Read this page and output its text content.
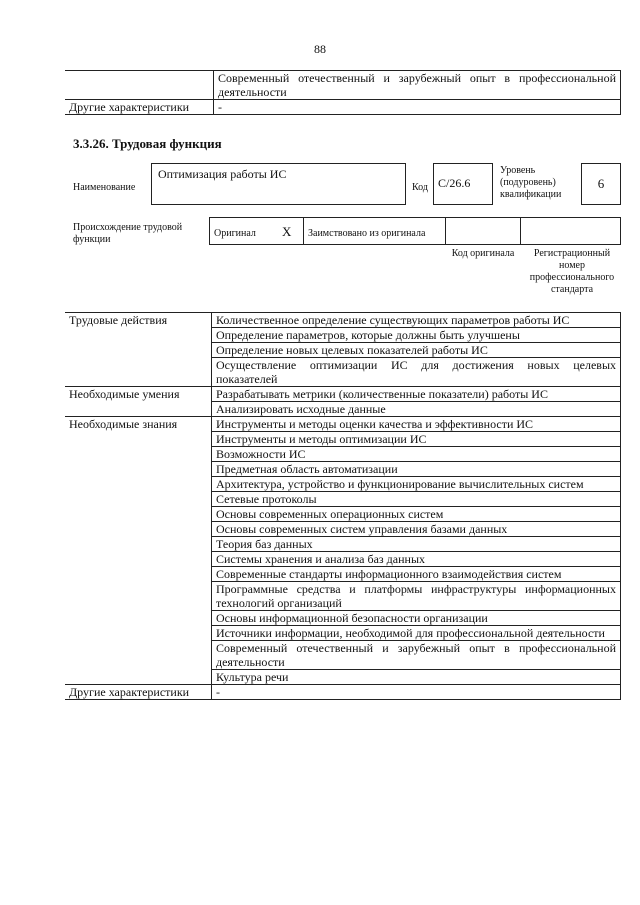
88
	Современный отечественный и зарубежный опыт в профессиональной деятельности
Другие характеристики	-
3.3.26. Трудовая функция
Наименование
Оптимизация работы ИС
Код C/26.6
Уровень (подуровень) квалификации
6
Происхождение трудовой функции
Оригинал X Заимствовано из оригинала
Код оригинала	Регистрационный номер профессионального стандарта
Трудовые действия	Количественное определение существующих параметров работы ИС
	Определение параметров, которые должны быть улучшены
	Определение новых целевых показателей работы ИС
	Осуществление оптимизации ИС для достижения новых целевых показателей
Необходимые умения	Разрабатывать метрики (количественные показатели) работы ИС
	Анализировать исходные данные
Необходимые знания	Инструменты и методы оценки качества и эффективности ИС
	Инструменты и методы оптимизации ИС
	Возможности ИС
	Предметная область автоматизации
	Архитектура, устройство и функционирование вычислительных систем
	Сетевые протоколы
	Основы современных операционных систем
	Основы современных систем управления базами данных
	Теория баз данных
	Системы хранения и анализа баз данных
	Современные стандарты информационного взаимодействия систем
	Программные средства и платформы инфраструктуры информационных технологий организаций
	Основы информационной безопасности организации
	Источники информации, необходимой для профессиональной деятельности
	Современный отечественный и зарубежный опыт в профессиональной деятельности
	Культура речи
Другие характеристики	-
